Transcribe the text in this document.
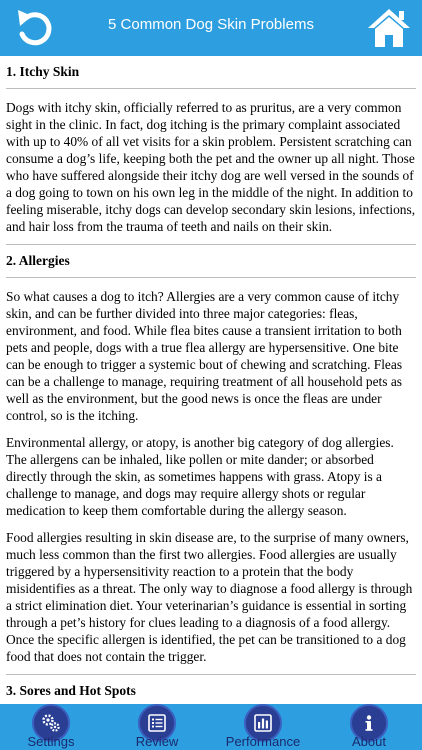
5 Common Dog Skin Problems
1. Itchy Skin

Dogs with itchy skin, officially referred to as pruritus, are a very common sight in the clinic. In fact, dog itching is the primary complaint associated with up to 40% of all vet visits for a skin problem. Persistent scratching can consume a dog’s life, keeping both the pet and the owner up all night. Those who have suffered alongside their itchy dog are well versed in the sounds of a dog going to town on his own leg in the middle of the night. In addition to feeling miserable, itchy dogs can develop secondary skin lesions, infections, and hair loss from the trauma of teeth and nails on their skin.

2. Allergies

So what causes a dog to itch? Allergies are a very common cause of itchy skin, and can be further divided into three major categories: fleas, environment, and food. While flea bites cause a transient irritation to both pets and people, dogs with a true flea allergy are hypersensitive. One bite can be enough to trigger a systemic bout of chewing and scratching. Fleas can be a challenge to manage, requiring treatment of all household pets as well as the environment, but the good news is once the fleas are under control, so is the itching.

Environmental allergy, or atopy, is another big category of dog allergies. The allergens can be inhaled, like pollen or mite dander; or absorbed directly through the skin, as sometimes happens with grass. Atopy is a challenge to manage, and dogs may require allergy shots or regular medication to keep them comfortable during the allergy season.

Food allergies resulting in skin disease are, to the surprise of many owners, much less common than the first two allergies. Food allergies are usually triggered by a hypersensitivity reaction to a protein that the body misidentifies as a threat. The only way to diagnose a food allergy is through a strict elimination diet. Your veterinarian’s guidance is essential in sorting through a pet’s history for clues leading to a diagnosis of a food allergy. Once the specific allergen is identified, the pet can be transitioned to a dog food that does not contain the trigger.

3. Sores and Hot Spots

Settings	Review	Performance	About
